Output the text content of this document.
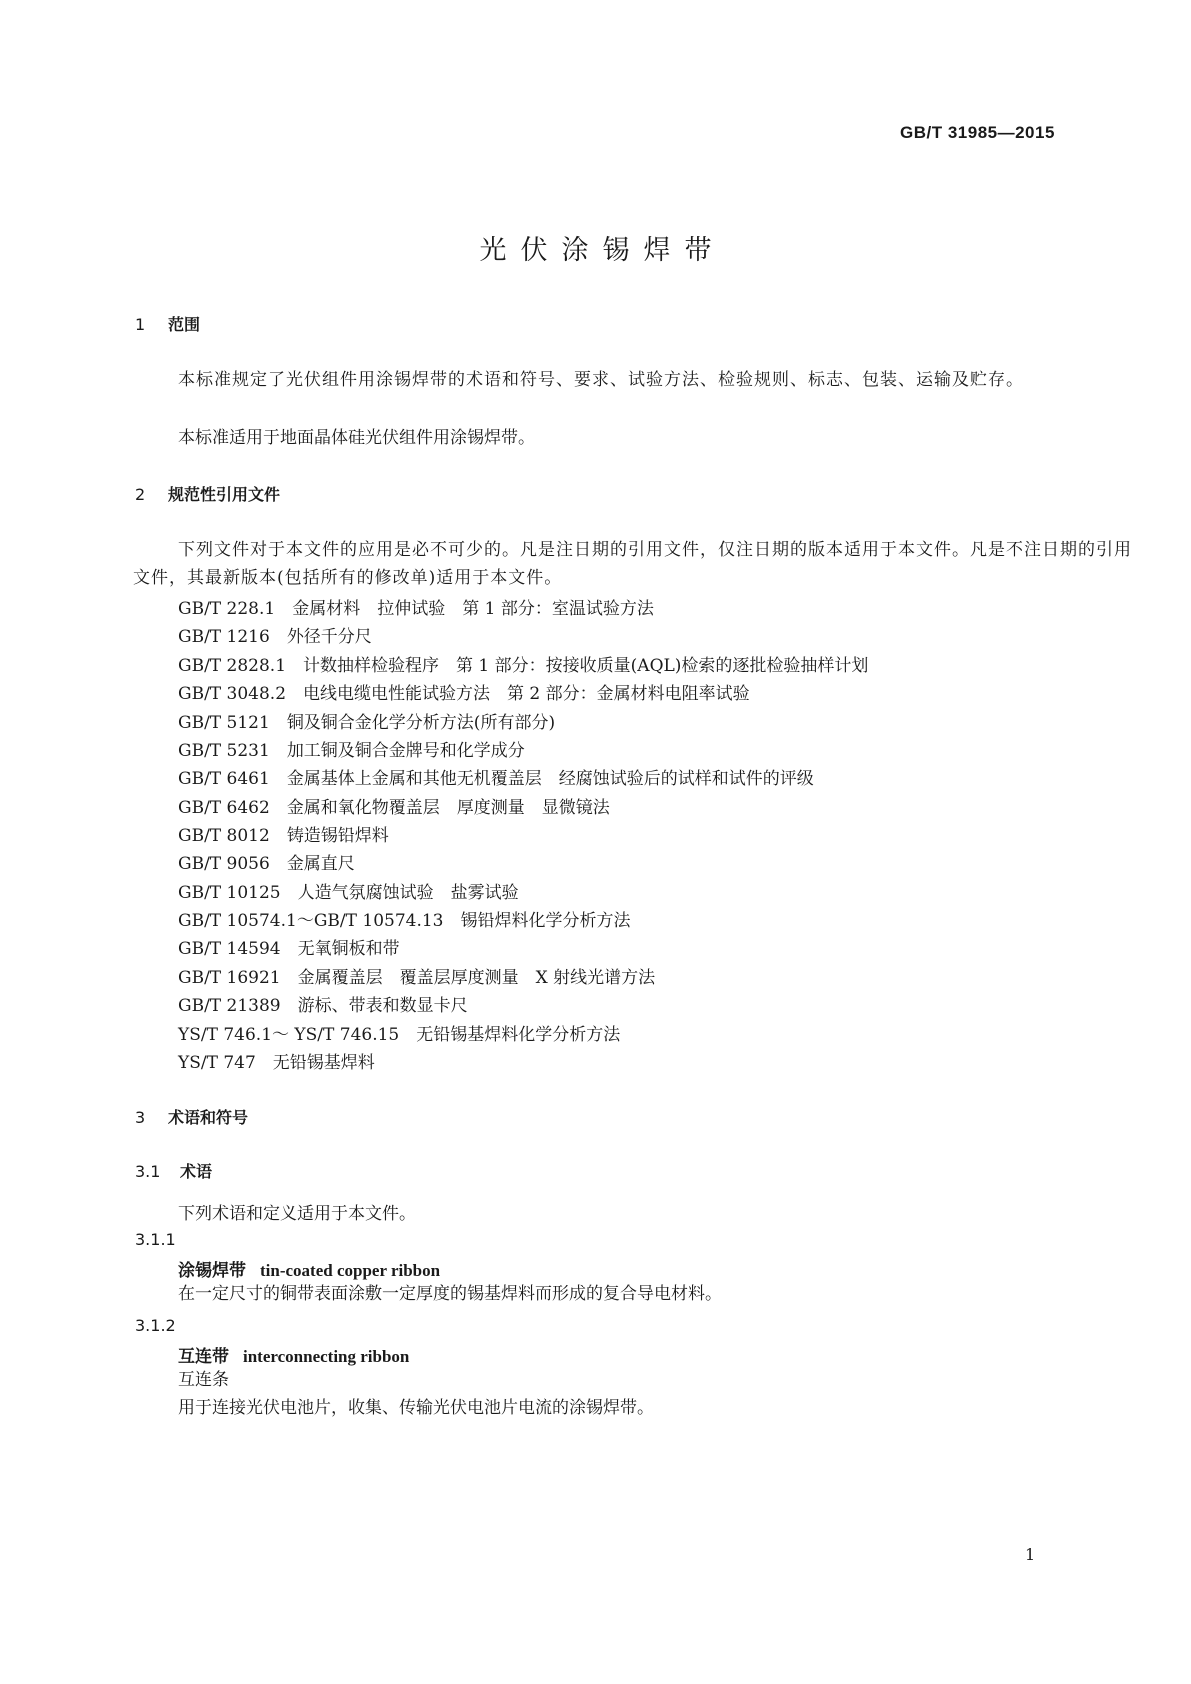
GB/T 31985—2015
光伏涂锡焊带
1 范围
本标准规定了光伏组件用涂锡焊带的术语和符号、要求、试验方法、检验规则、标志、包装、运输及贮存。
本标准适用于地面晶体硅光伏组件用涂锡焊带。
2 规范性引用文件
下列文件对于本文件的应用是必不可少的。凡是注日期的引用文件，仅注日期的版本适用于本文件。凡是不注日期的引用文件，其最新版本(包括所有的修改单)适用于本文件。
GB/T 228.1　 金属材料　拉伸试验　第 1 部分：室温试验方法
GB/T 1216　 外径千分尺
GB/T 2828.1　 计数抽样检验程序　第 1 部分：按接收质量(AQL)检索的逐批检验抽样计划
GB/T 3048.2　 电线电缆电性能试验方法　第 2 部分：金属材料电阻率试验
GB/T 5121　 铜及铜合金化学分析方法(所有部分)
GB/T 5231　 加工铜及铜合金牌号和化学成分
GB/T 6461　 金属基体上金属和其他无机覆盖层　经腐蚀试验后的试样和试件的评级
GB/T 6462　 金属和氧化物覆盖层　厚度测量　显微镜法
GB/T 8012　 铸造锡铅焊料
GB/T 9056　 金属直尺
GB/T 10125　 人造气氛腐蚀试验　盐雾试验
GB/T 10574.1～GB/T 10574.13　 锡铅焊料化学分析方法
GB/T 14594　 无氧铜板和带
GB/T 16921　 金属覆盖层　覆盖层厚度测量　X 射线光谱方法
GB/T 21389　 游标、带表和数显卡尺
YS/T 746.1～ YS/T 746.15　 无铅锡基焊料化学分析方法
YS/T 747　 无铅锡基焊料
3 术语和符号
3.1 术语
下列术语和定义适用于本文件。
3.1.1
涂锡焊带 tin-coated copper ribbon
在一定尺寸的铜带表面涂敷一定厚度的锡基焊料而形成的复合导电材料。
3.1.2
互连带 interconnecting ribbon
互连条
用于连接光伏电池片，收集、传输光伏电池片电流的涂锡焊带。
1
